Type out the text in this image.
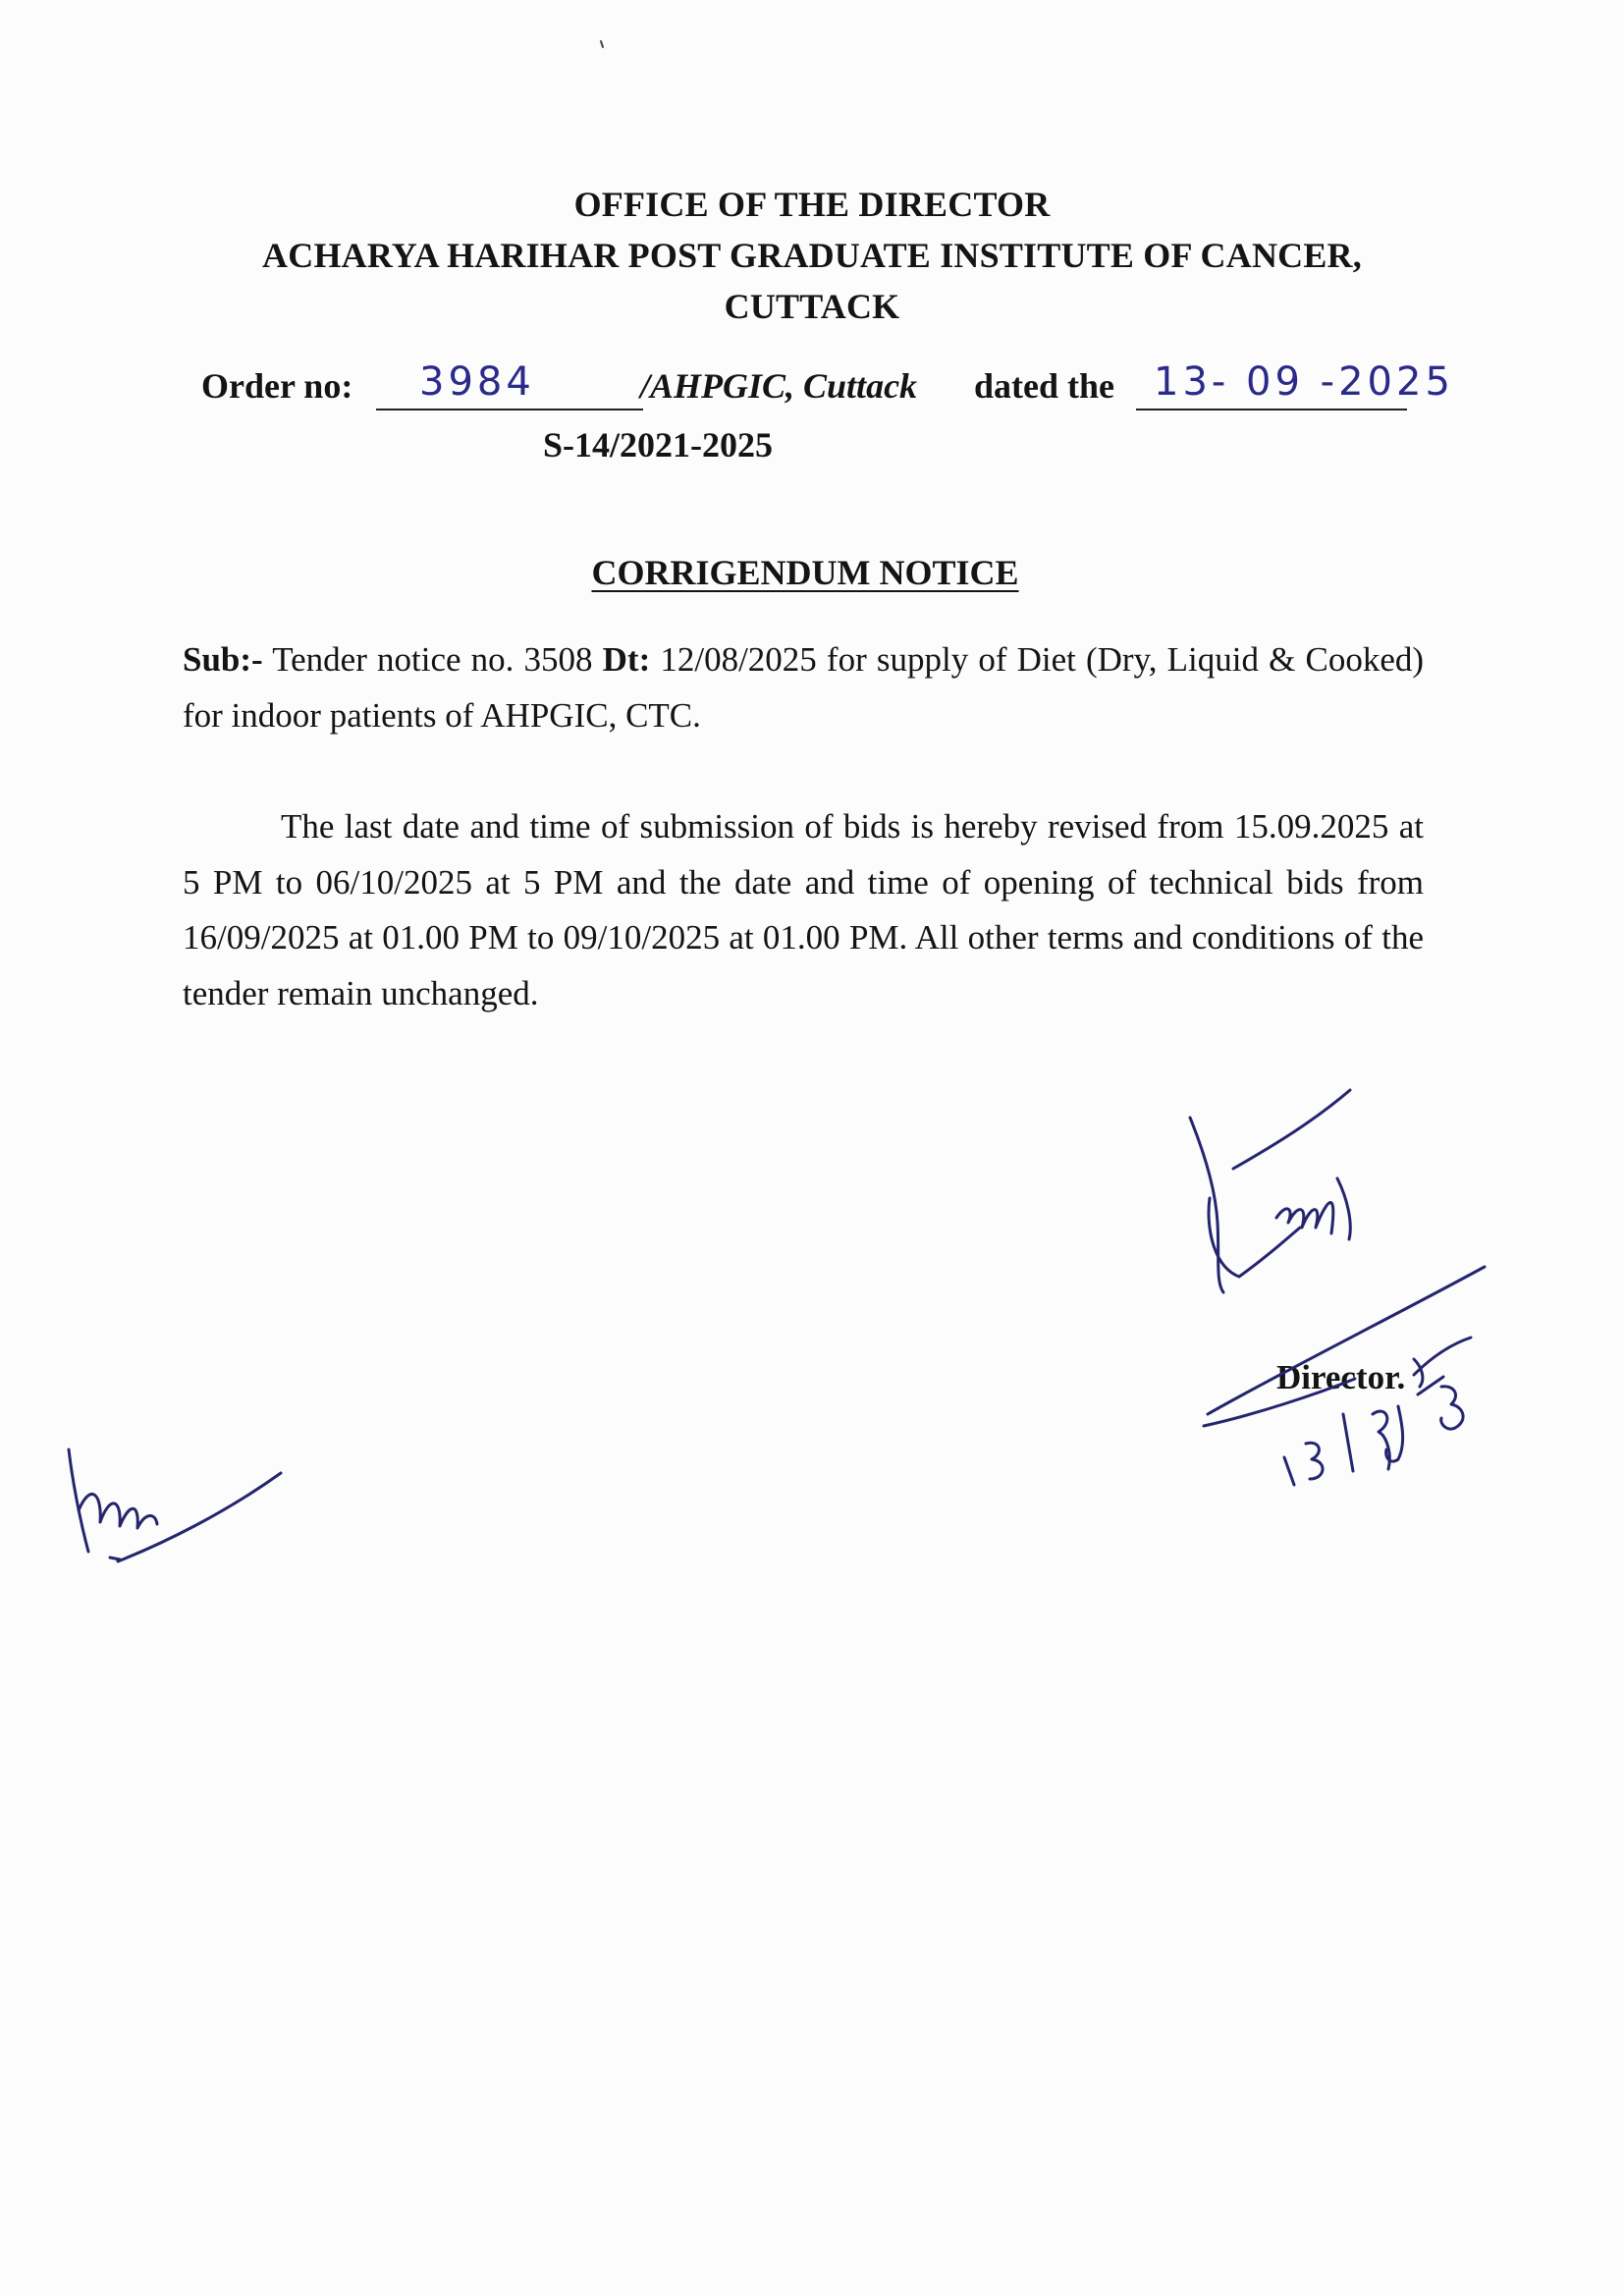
OFFICE OF THE DIRECTOR
ACHARYA HARIHAR POST GRADUATE INSTITUTE OF CANCER,
CUTTACK
Order no: 3984	/AHPGIC, Cuttack dated the 13- 09 -2025
S-14/2021-2025
CORRIGENDUM NOTICE
Sub:- Tender notice no. 3508 Dt: 12/08/2025 for supply of Diet (Dry, Liquid & Cooked) for indoor patients of AHPGIC, CTC.
The last date and time of submission of bids is hereby revised from 15.09.2025 at 5 PM to 06/10/2025 at 5 PM and the date and time of opening of technical bids from 16/09/2025 at 01.00 PM to 09/10/2025 at 01.00 PM. All other terms and conditions of the tender remain unchanged.
Director.
